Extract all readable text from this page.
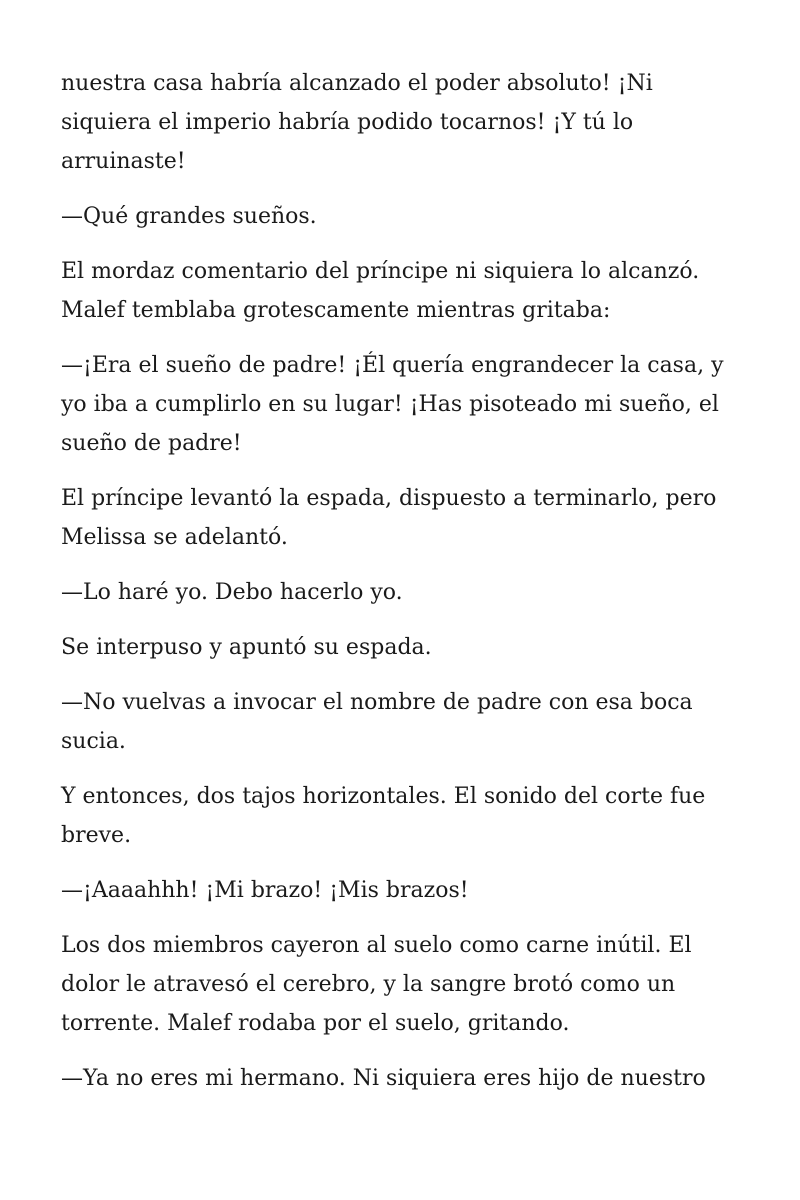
nuestra casa habría alcanzado el poder absoluto! ¡Ni
siquiera el imperio habría podido tocarnos! ¡Y tú lo
arruinaste!

—Qué grandes sueños.

El mordaz comentario del príncipe ni siquiera lo alcanzó.
Malef temblaba grotescamente mientras gritaba:

—¡Era el sueño de padre! ¡Él quería engrandecer la casa, y
yo iba a cumplirlo en su lugar! ¡Has pisoteado mi sueño, el
sueño de padre!

El príncipe levantó la espada, dispuesto a terminarlo, pero
Melissa se adelantó.

—Lo haré yo. Debo hacerlo yo.

Se interpuso y apuntó su espada.

—No vuelvas a invocar el nombre de padre con esa boca
sucia.

Y entonces, dos tajos horizontales. El sonido del corte fue
breve.

—¡Aaaahhh! ¡Mi brazo! ¡Mis brazos!

Los dos miembros cayeron al suelo como carne inútil. El
dolor le atravesó el cerebro, y la sangre brotó como un
torrente. Malef rodaba por el suelo, gritando.

—Ya no eres mi hermano. Ni siquiera eres hijo de nuestro
